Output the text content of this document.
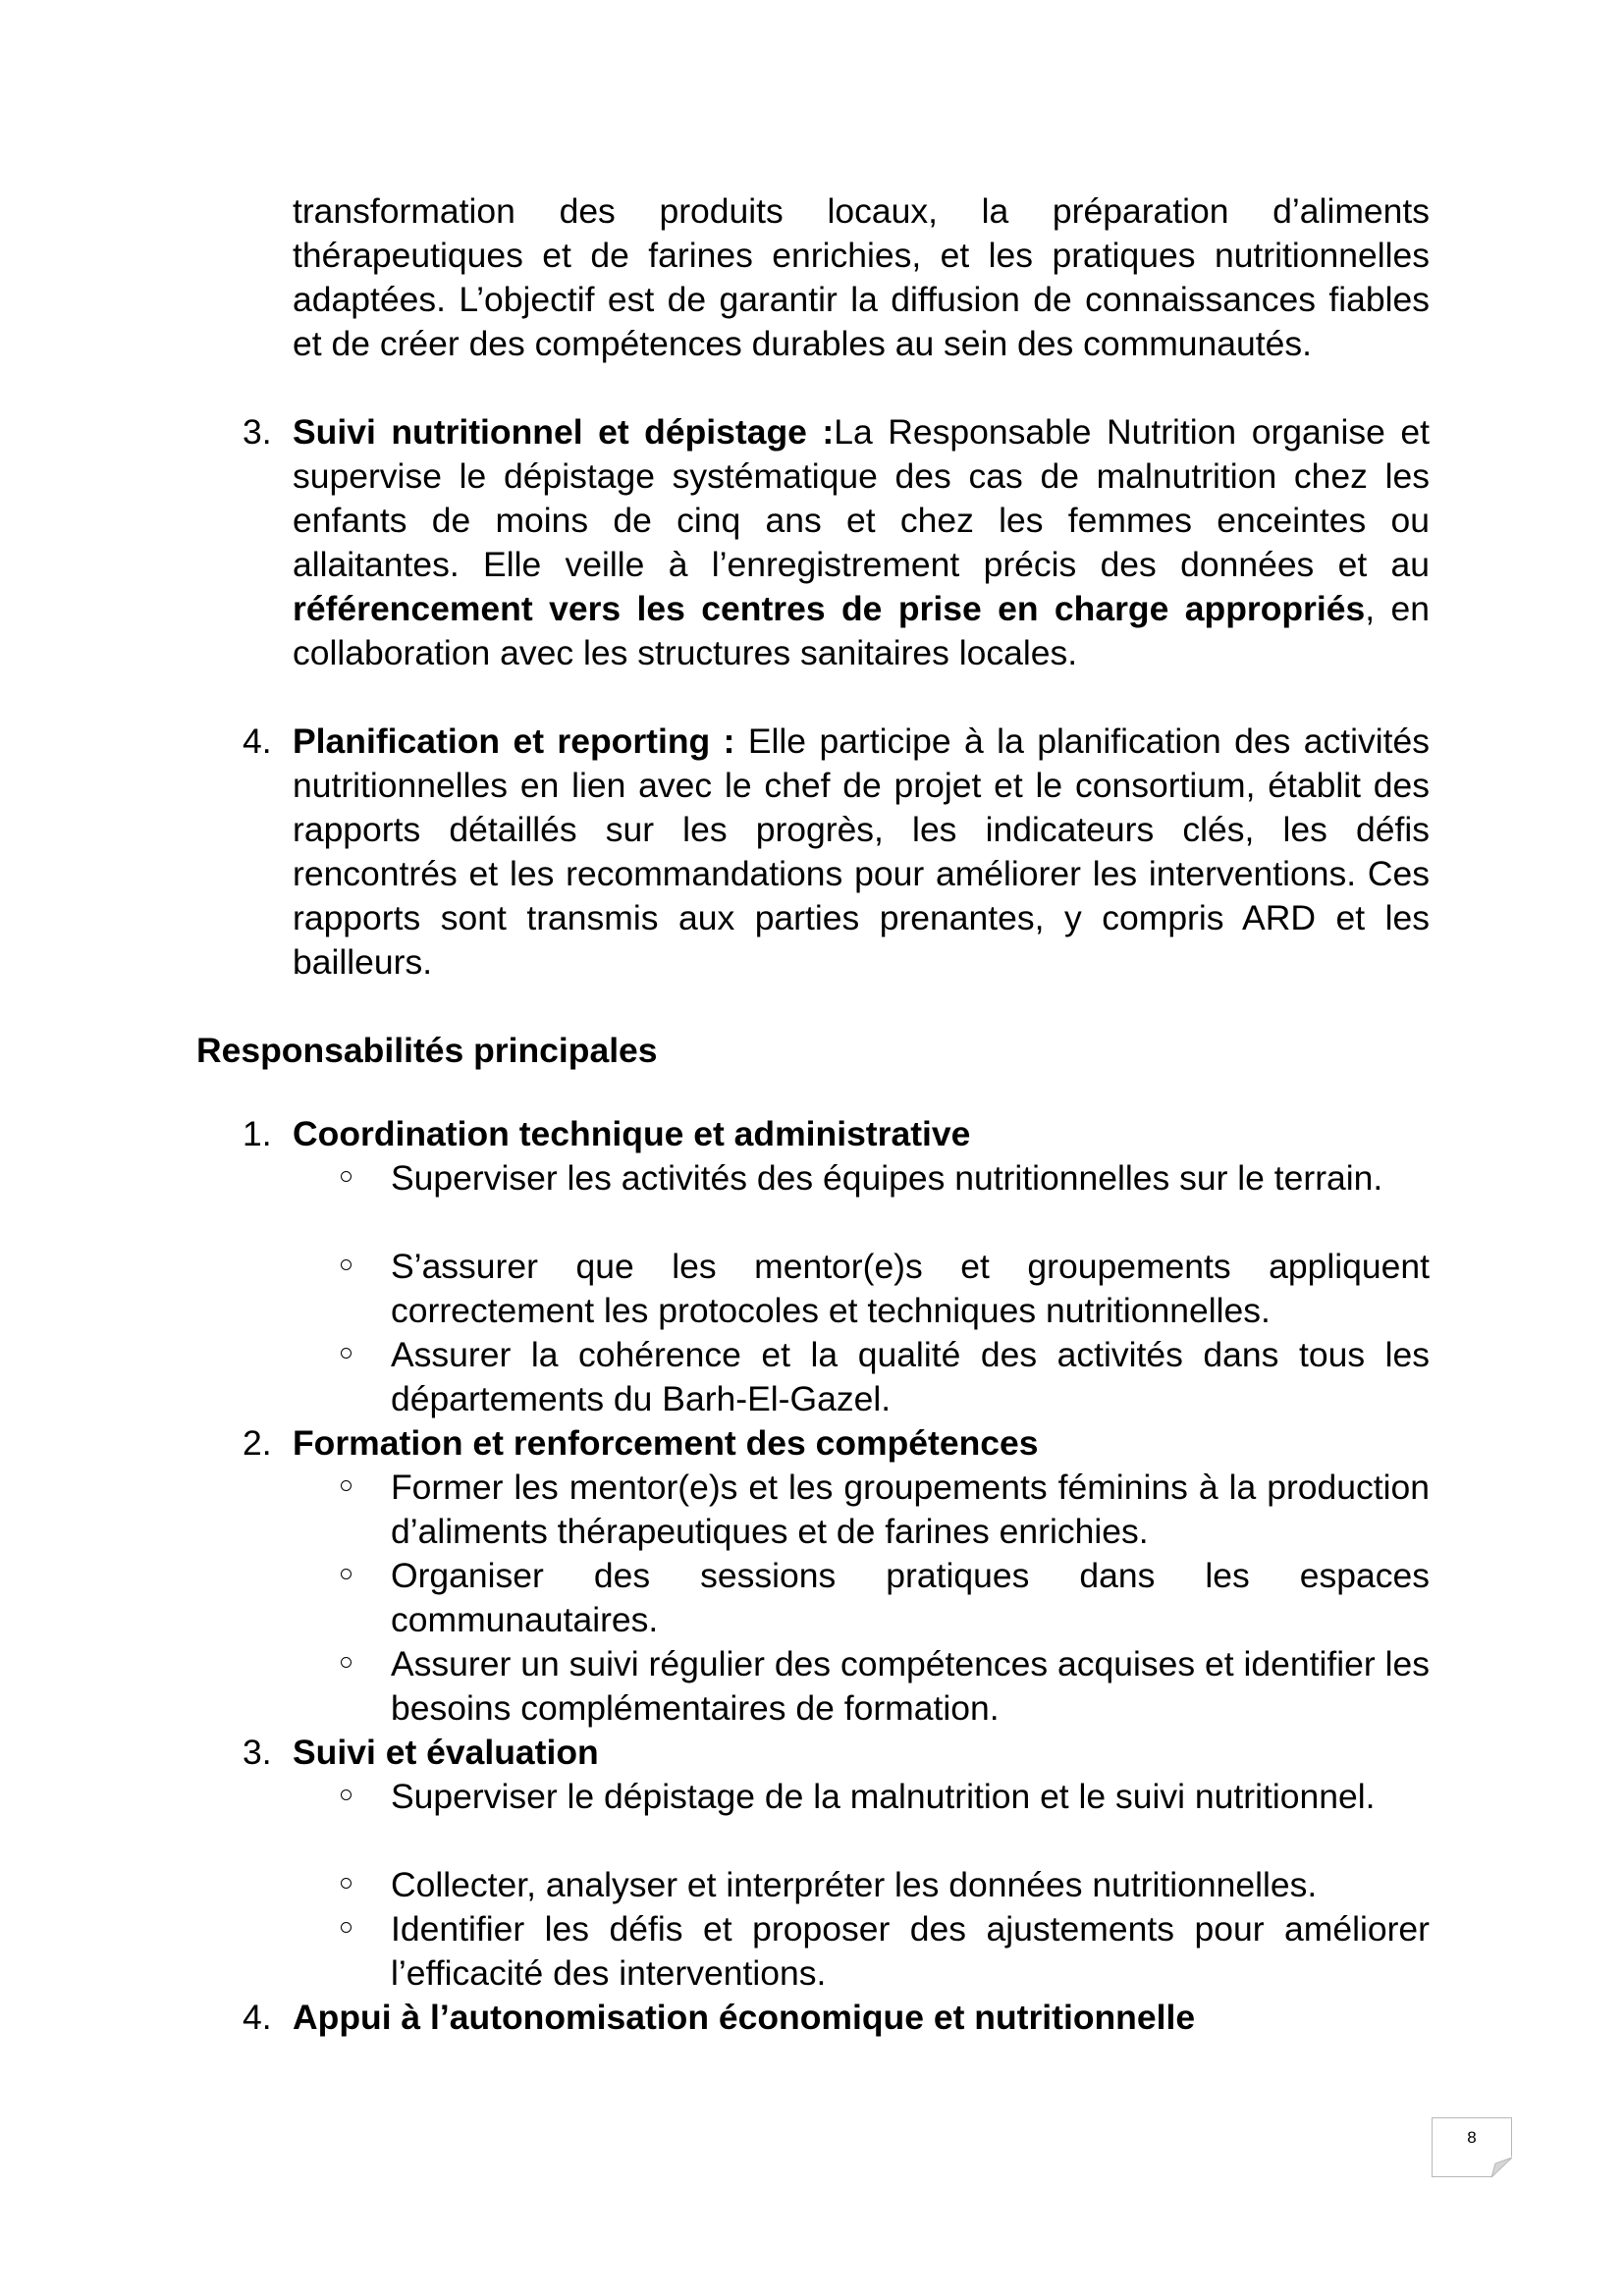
transformation des produits locaux, la préparation d’aliments thérapeutiques et de farines enrichies, et les pratiques nutritionnelles adaptées. L’objectif est de garantir la diffusion de connaissances fiables et de créer des compétences durables au sein des communautés.

3. Suivi nutritionnel et dépistage :La Responsable Nutrition organise et supervise le dépistage systématique des cas de malnutrition chez les enfants de moins de cinq ans et chez les femmes enceintes ou allaitantes. Elle veille à l’enregistrement précis des données et au référencement vers les centres de prise en charge appropriés, en collaboration avec les structures sanitaires locales.

4. Planification et reporting : Elle participe à la planification des activités nutritionnelles en lien avec le chef de projet et le consortium, établit des rapports détaillés sur les progrès, les indicateurs clés, les défis rencontrés et les recommandations pour améliorer les interventions. Ces rapports sont transmis aux parties prenantes, y compris ARD et les bailleurs.

Responsabilités principales
1. Coordination technique et administrative

Superviser les activités des équipes nutritionnelles sur le terrain.

S’assurer que les mentor(e)s et groupements appliquent correctement les protocoles et techniques nutritionnelles.

Assurer la cohérence et la qualité des activités dans tous les départements du Barh-El-Gazel.

2. Formation et renforcement des compétences

Former les mentor(e)s et les groupements féminins à la production d’aliments thérapeutiques et de farines enrichies.

Organiser des sessions pratiques dans les espaces communautaires.

Assurer un suivi régulier des compétences acquises et identifier les besoins complémentaires de formation.

3. Suivi et évaluation

Superviser le dépistage de la malnutrition et le suivi nutritionnel.

Collecter, analyser et interpréter les données nutritionnelles.

Identifier les défis et proposer des ajustements pour améliorer l’efficacité des interventions.

4. Appui à l’autonomisation économique et nutritionnelle

8
